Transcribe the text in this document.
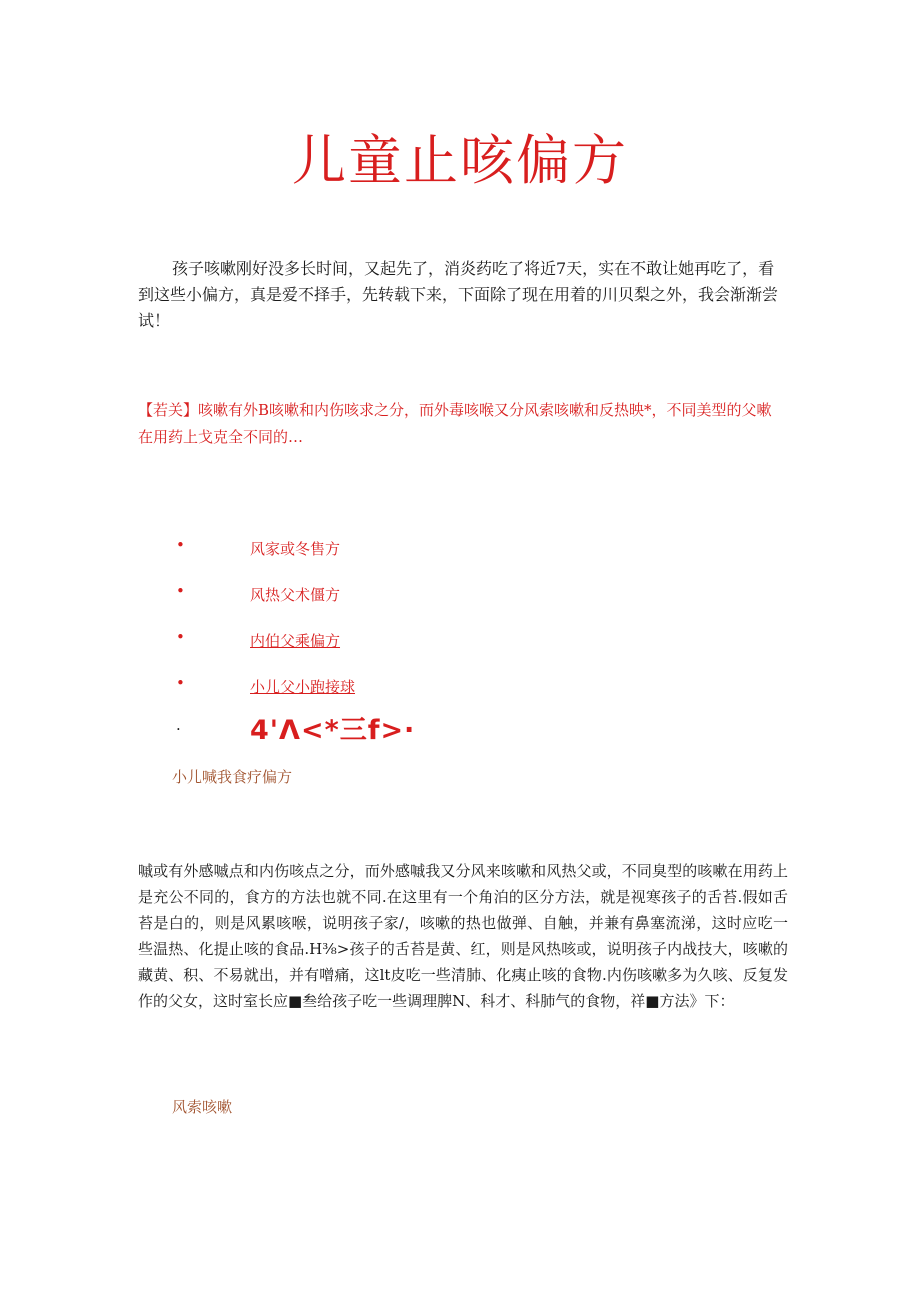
儿童止咳偏方

孩子咳嗽刚好没多长时间，又起先了，消炎药吃了将近7天，实在不敢让她再吃了，看到这些小偏方，真是爱不择手，先转载下来，下面除了现在用着的川贝梨之外，我会渐渐尝试！

【若关】咳嗽有外B咳嗽和内伤咳求之分，而外毒咳喉又分风索咳嗽和反热映*，不同美型的父嗽在用药上戈克全不同的…

•	风家或冬售方
•	风热父术僵方
•	内伯父乘偏方
•	小儿父小跑接球
·	4'Λ<*三f>·

小儿喊我食疗偏方

嘁或有外感嘁点和内伤咳点之分，而外感嘁我又分风来咳嗽和风热父或，不同臭型的咳嗽在用药上是充公不同的，食方的方法也就不同.在这里有一个角泊的区分方法，就是视寒孩子的舌苔.假如舌苔是白的，则是风累咳喉，说明孩子家/，咳嗽的热也做弹、自触，并兼有鼻塞流涕，这时应吃一些温热、化提止咳的食品.H⅜>孩子的舌苔是黄、红，则是风热咳或，说明孩子内战技大，咳嗽的藏黄、积、不易就出，并有噌痛，这lt皮吃一些清肺、化痍止咳的食物.内伤咳嗽多为久咳、反复发作的父女，这时室长应■叁给孩子吃一些调理脾N、科才、科肺气的食物，祥■方法》下：

风索咳嗽
